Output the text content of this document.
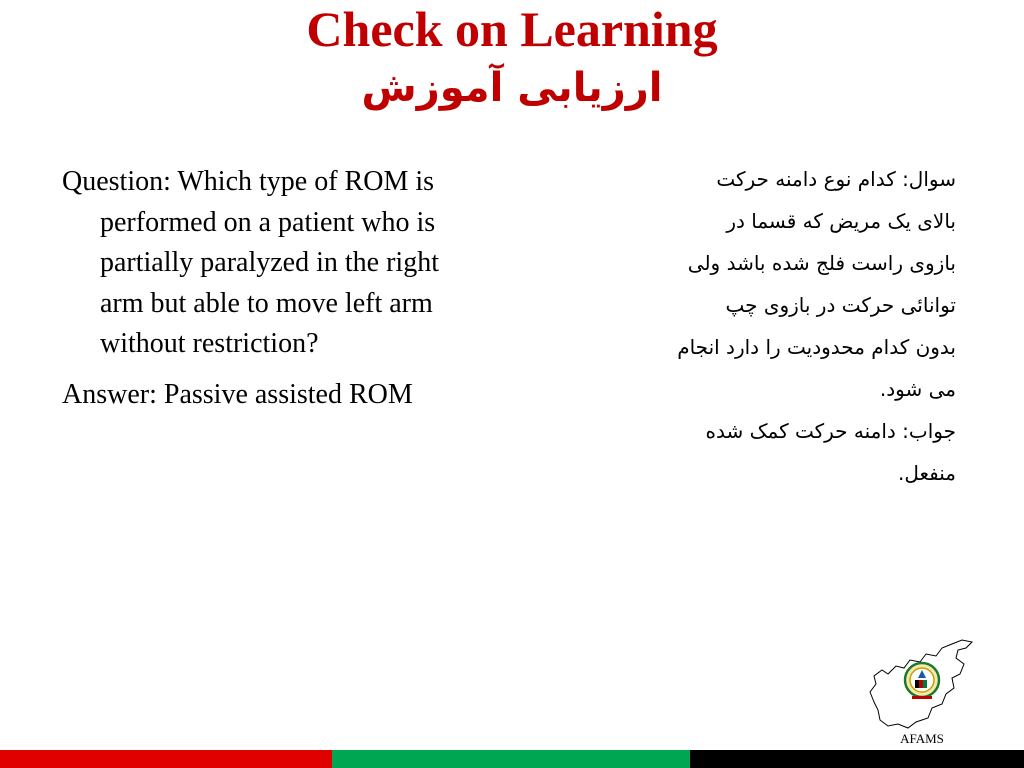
Check on Learning
ارزیابی آموزش

Question: Which type of ROM is performed on a patient who is partially paralyzed in the right arm but able to move left arm without restriction?

Answer: Passive assisted ROM

سوال: کدام نوع دامنه حرکت

بالای یک مریض که قسما در

بازوی راست فلج شده باشد ولی

توانائی حرکت در بازوی چپ

بدون کدام محدودیت را دارد انجام

می شود.

جواب: دامنه حرکت کمک شده

منفعل.

AFAMS
